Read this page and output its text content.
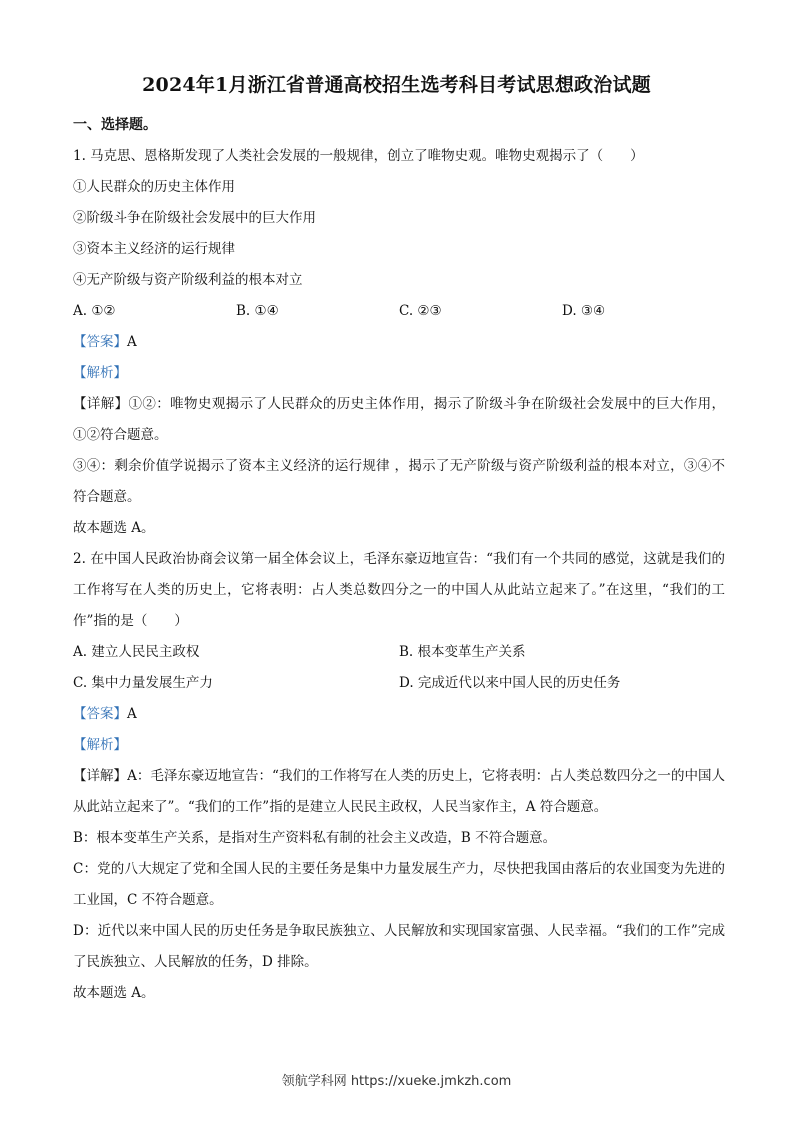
2024年1月浙江省普通高校招生选考科目考试思想政治试题
一、选择题。
1. 马克思、恩格斯发现了人类社会发展的一般规律，创立了唯物史观。唯物史观揭示了（　　）
①人民群众的历史主体作用
②阶级斗争在阶级社会发展中的巨大作用
③资本主义经济的运行规律
④无产阶级与资产阶级利益的根本对立
A. ①②	B. ①④	C. ②③	D. ③④
【答案】A
【解析】
【详解】①②：唯物史观揭示了人民群众的历史主体作用，揭示了阶级斗争在阶级社会发展中的巨大作用，①②符合题意。
③④：剩余价值学说揭示了资本主义经济的运行规律 ，揭示了无产阶级与资产阶级利益的根本对立，③④不符合题意。
故本题选 A。
2. 在中国人民政治协商会议第一届全体会议上，毛泽东豪迈地宣告：“我们有一个共同的感觉，这就是我们的工作将写在人类的历史上，它将表明：占人类总数四分之一的中国人从此站立起来了。”在这里，“我们的工作”指的是（　　）
A. 建立人民民主政权	B. 根本变革生产关系
C. 集中力量发展生产力	D. 完成近代以来中国人民的历史任务
【答案】A
【解析】
【详解】A：毛泽东豪迈地宣告：“我们的工作将写在人类的历史上，它将表明：占人类总数四分之一的中国人从此站立起来了”。“我们的工作”指的是建立人民民主政权，人民当家作主，A 符合题意。
B：根本变革生产关系，是指对生产资料私有制的社会主义改造，B 不符合题意。
C：党的八大规定了党和全国人民的主要任务是集中力量发展生产力，尽快把我国由落后的农业国变为先进的工业国，C 不符合题意。
D：近代以来中国人民的历史任务是争取民族独立、人民解放和实现国家富强、人民幸福。“我们的工作”完成了民族独立、人民解放的任务，D 排除。
故本题选 A。
领航学科网 https://xueke.jmkzh.com
